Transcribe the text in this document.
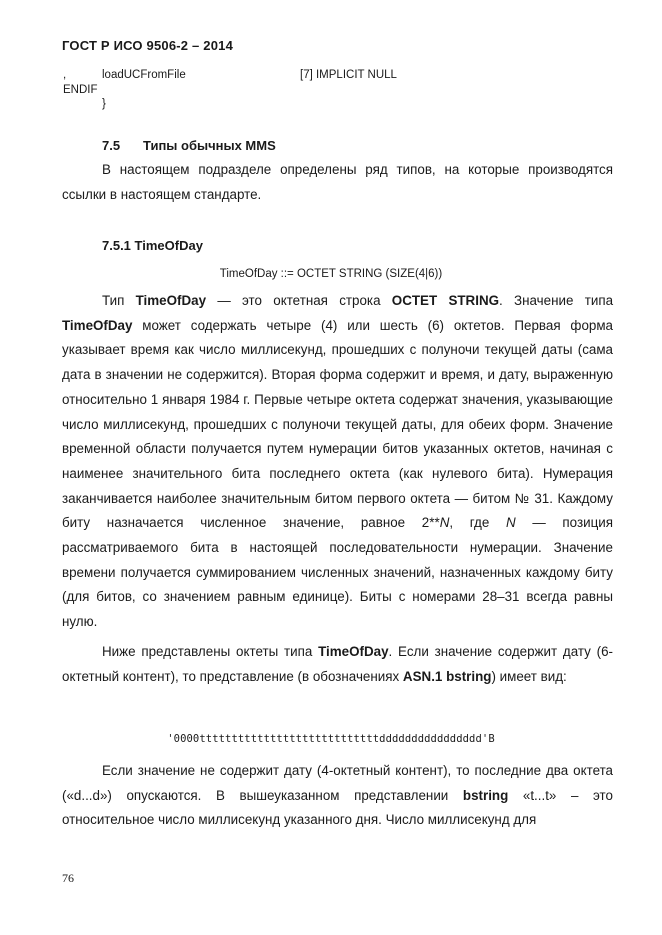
ГОСТ Р ИСО 9506-2 – 2014
,	loadUCFromFile	[7] IMPLICIT NULL
ENDIF
}
7.5 Типы обычных MMS

В настоящем подразделе определены ряд типов, на которые производятся ссылки в настоящем стандарте.

7.5.1 TimeOfDay
TimeOfDay ::= OCTET STRING (SIZE(4|6))

Тип TimeOfDay — это октетная строка OCTET STRING. Значение типа TimeOfDay может содержать четыре (4) или шесть (6) октетов. Первая форма указывает время как число миллисекунд, прошедших с полуночи текущей даты (сама дата в значении не содержится). Вторая форма содержит и время, и дату, выраженную относительно 1 января 1984 г. Первые четыре октета содержат значения, указывающие число миллисекунд, прошедших с полуночи текущей даты, для обеих форм. Значение временной области получается путем нумерации битов указанных октетов, начиная с наименее значительного бита последнего октета (как нулевого бита). Нумерация заканчивается наиболее значительным битом первого октета — битом № 31. Каждому биту назначается численное значение, равное 2**N, где N — позиция рассматриваемого бита в настоящей последовательности нумерации. Значение времени получается суммированием численных значений, назначенных каждому биту (для битов, со значением равным единице). Биты с номерами 28–31 всегда равны нулю.

Ниже представлены октеты типа TimeOfDay. Если значение содержит дату (6-октетный контент), то представление (в обозначениях ASN.1 bstring) имеет вид:

'0000ttttttttttttttttttttttttttttdddddddddddddddd'B

Если значение не содержит дату (4-октетный контент), то последние два октета («d...d») опускаются. В вышеуказанном представлении bstring «t...t» – это относительное число миллисекунд указанного дня. Число миллисекунд для

76
